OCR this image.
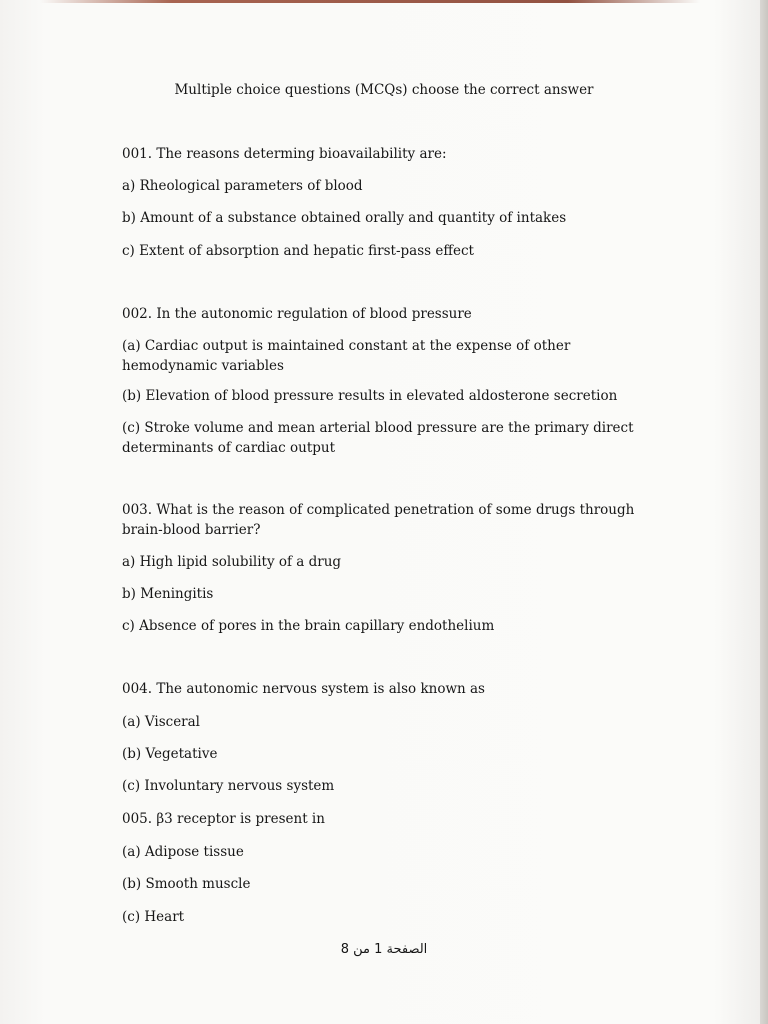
Multiple choice questions (MCQs) choose the correct answer
001. The reasons determing bioavailability are:
a) Rheological parameters of blood
b) Amount of a substance obtained orally and quantity of intakes
c) Extent of absorption and hepatic first-pass effect
002. In the autonomic regulation of blood pressure
(a) Cardiac output is maintained constant at the expense of other hemodynamic variables
(b) Elevation of blood pressure results in elevated aldosterone secretion
(c) Stroke volume and mean arterial blood pressure are the primary direct determinants of cardiac output
003. What is the reason of complicated penetration of some drugs through brain-blood barrier?
a) High lipid solubility of a drug
b) Meningitis
c) Absence of pores in the brain capillary endothelium
004. The autonomic nervous system is also known as
(a) Visceral
(b) Vegetative
(c) Involuntary nervous system
005. β3 receptor is present in
(a) Adipose tissue
(b) Smooth muscle
(c) Heart
الصفحة 1 من 8
